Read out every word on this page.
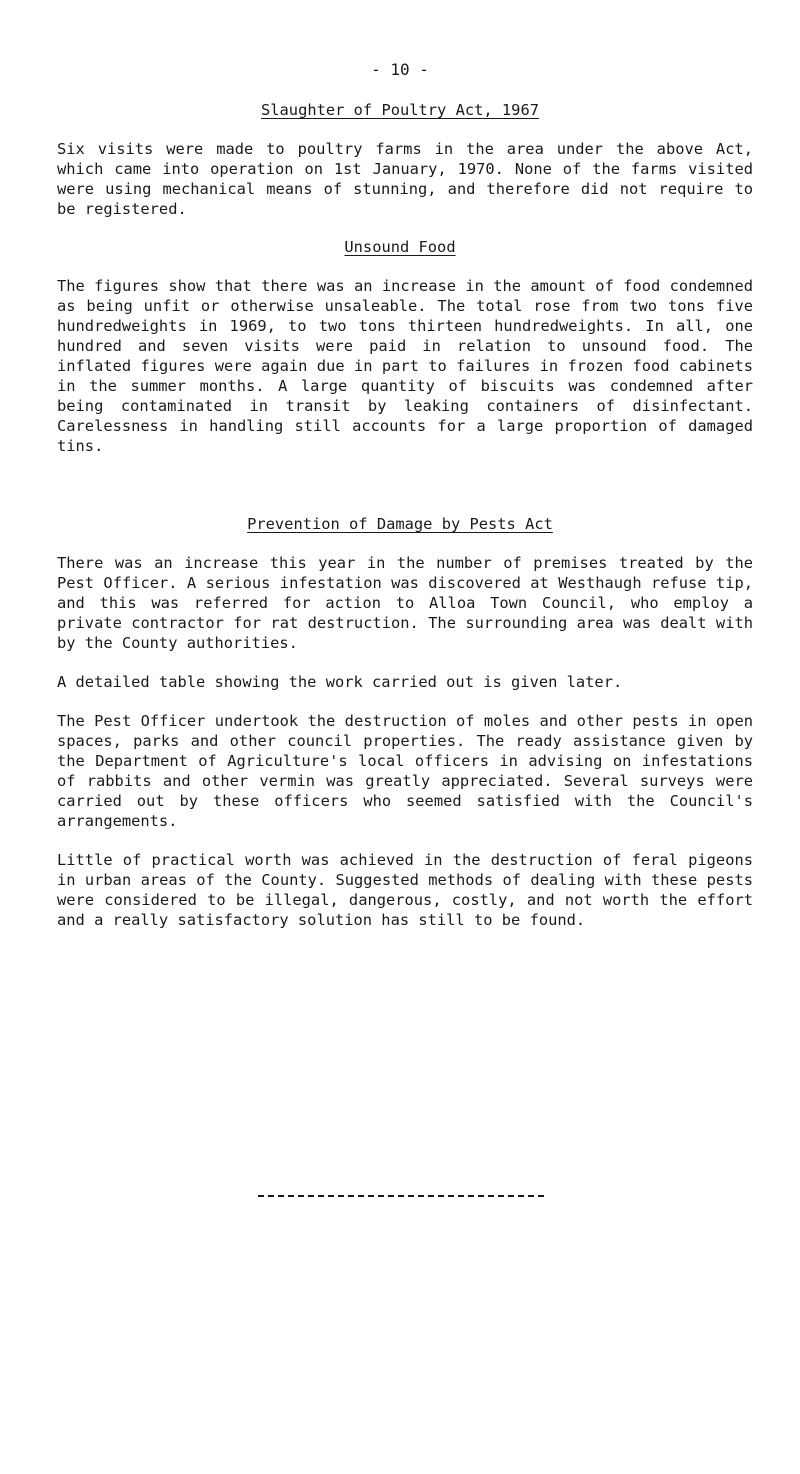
- 10 -
Slaughter of Poultry Act, 1967

Six visits were made to poultry farms in the area under the above Act, which came into operation on 1st January, 1970. None of the farms visited were using mechanical means of stunning, and therefore did not require to be registered.

Unsound Food

The figures show that there was an increase in the amount of food condemned as being unfit or otherwise unsaleable. The total rose from two tons five hundredweights in 1969, to two tons thirteen hundredweights. In all, one hundred and seven visits were paid in relation to unsound food. The inflated figures were again due in part to failures in frozen food cabinets in the summer months. A large quantity of biscuits was condemned after being contaminated in transit by leaking containers of disinfectant. Carelessness in handling still accounts for a large proportion of damaged tins.

Prevention of Damage by Pests Act

There was an increase this year in the number of premises treated by the Pest Officer. A serious infestation was discovered at Westhaugh refuse tip, and this was referred for action to Alloa Town Council, who employ a private contractor for rat destruction. The surrounding area was dealt with by the County authorities.

A detailed table showing the work carried out is given later.

The Pest Officer undertook the destruction of moles and other pests in open spaces, parks and other council properties. The ready assistance given by the Department of Agriculture's local officers in advising on infestations of rabbits and other vermin was greatly appreciated. Several surveys were carried out by these officers who seemed satisfied with the Council's arrangements.

Little of practical worth was achieved in the destruction of feral pigeons in urban areas of the County. Suggested methods of dealing with these pests were considered to be illegal, dangerous, costly, and not worth the effort and a really satisfactory solution has still to be found.
